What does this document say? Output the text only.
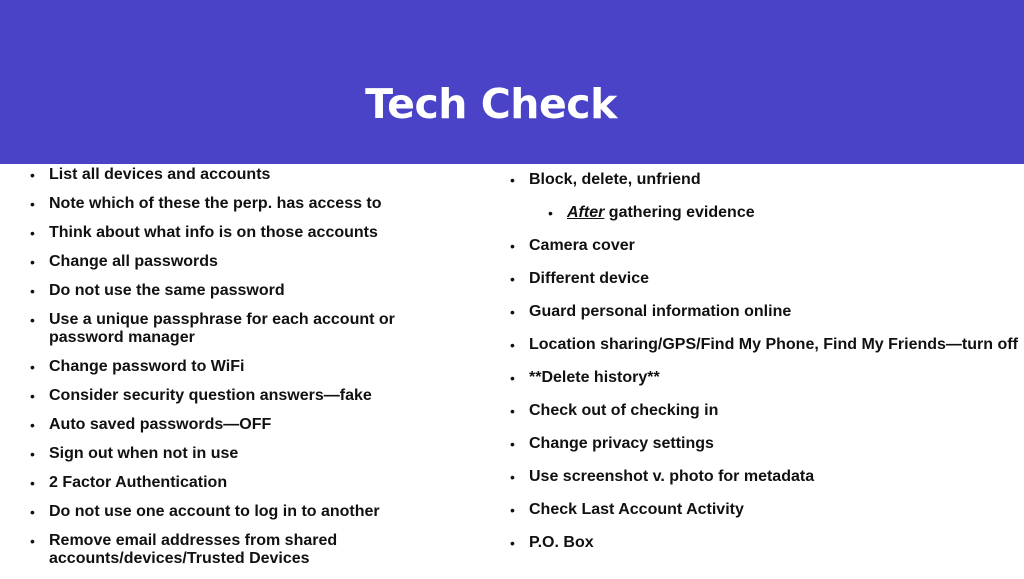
Tech Check
• List all devices and accounts
• Note which of these the perp. has access to
• Think about what info is on those accounts
• Change all passwords
• Do not use the same password
• Use a unique passphrase for each account or password manager
• Change password to WiFi
• Consider security question answers—fake
• Auto saved passwords—OFF
• Sign out when not in use
• 2 Factor Authentication
• Do not use one account to log in to another
• Remove email addresses from shared accounts/devices/Trusted Devices
• Block, delete, unfriend
• After gathering evidence
• Camera cover
• Different device
• Guard personal information online
• Location sharing/GPS/Find My Phone, Find My Friends—turn off
• **Delete history**
• Check out of checking in
• Change privacy settings
• Use screenshot v. photo for metadata
• Check Last Account Activity
• P.O. Box
